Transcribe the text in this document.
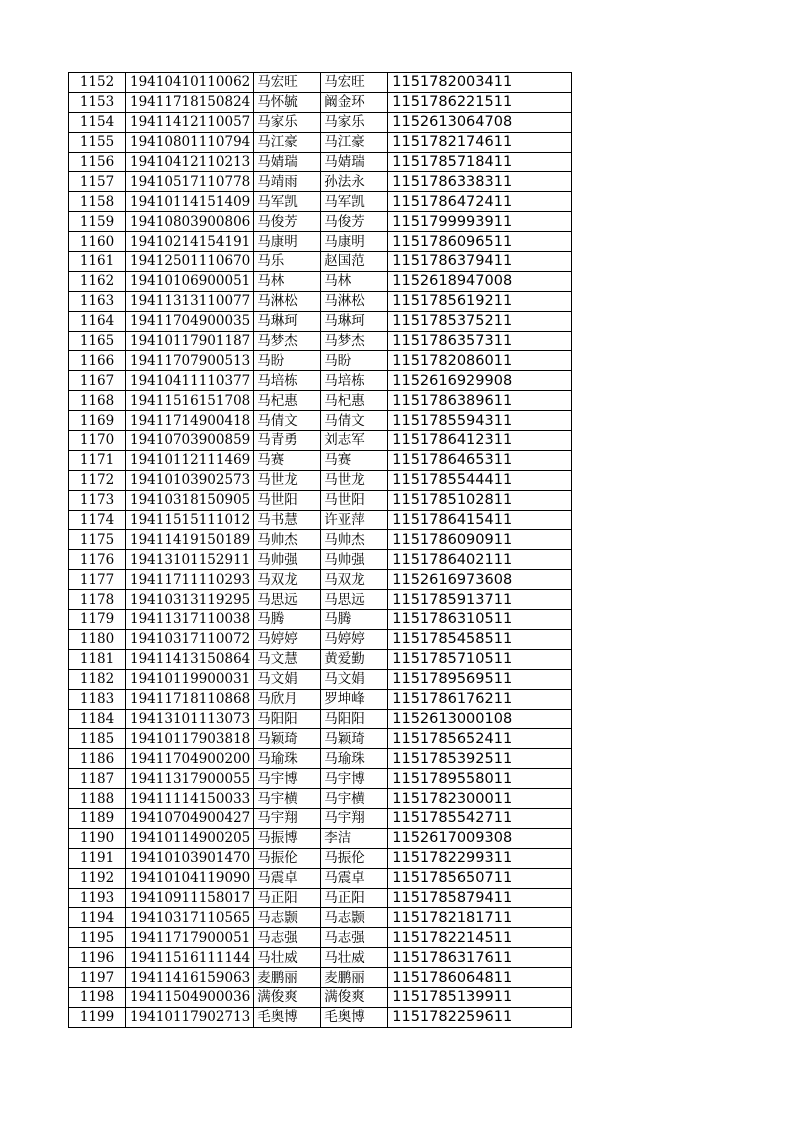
1152	19410410110062	马宏旺	马宏旺	1151782003411
1153	19411718150824	马怀毓	阚金环	1151786221511
1154	19411412110057	马家乐	马家乐	1152613064708
1155	19410801110794	马江豪	马江豪	1151782174611
1156	19410412110213	马婧瑞	马婧瑞	1151785718411
1157	19410517110778	马靖雨	孙法永	1151786338311
1158	19410114151409	马军凯	马军凯	1151786472411
1159	19410803900806	马俊芳	马俊芳	1151799993911
1160	19410214154191	马康明	马康明	1151786096511
1161	19412501110670	马乐	赵国范	1151786379411
1162	19410106900051	马林	马林	1152618947008
1163	19411313110077	马淋松	马淋松	1151785619211
1164	19411704900035	马琳珂	马琳珂	1151785375211
1165	19410117901187	马梦杰	马梦杰	1151786357311
1166	19411707900513	马盼	马盼	1151782086011
1167	19410411110377	马培栋	马培栋	1152616929908
1168	19411516151708	马杞惠	马杞惠	1151786389611
1169	19411714900418	马倩文	马倩文	1151785594311
1170	19410703900859	马青勇	刘志军	1151786412311
1171	19410112111469	马赛	马赛	1151786465311
1172	19410103902573	马世龙	马世龙	1151785544411
1173	19410318150905	马世阳	马世阳	1151785102811
1174	19411515111012	马书慧	许亚萍	1151786415411
1175	19411419150189	马帅杰	马帅杰	1151786090911
1176	19413101152911	马帅强	马帅强	1151786402111
1177	19411711110293	马双龙	马双龙	1152616973608
1178	19410313119295	马思远	马思远	1151785913711
1179	19411317110038	马腾	马腾	1151786310511
1180	19410317110072	马婷婷	马婷婷	1151785458511
1181	19411413150864	马文慧	黄爱勤	1151785710511
1182	19410119900031	马文娟	马文娟	1151789569511
1183	19411718110868	马欣月	罗坤峰	1151786176211
1184	19413101113073	马阳阳	马阳阳	1152613000108
1185	19410117903818	马颖琦	马颖琦	1151785652411
1186	19411704900200	马瑜珠	马瑜珠	1151785392511
1187	19411317900055	马宇博	马宇博	1151789558011
1188	19411114150033	马宇横	马宇横	1151782300011
1189	19410704900427	马宇翔	马宇翔	1151785542711
1190	19410114900205	马振博	李洁	1152617009308
1191	19410103901470	马振伦	马振伦	1151782299311
1192	19410104119090	马震卓	马震卓	1151785650711
1193	19410911158017	马正阳	马正阳	1151785879411
1194	19410317110565	马志颢	马志颢	1151782181711
1195	19411717900051	马志强	马志强	1151782214511
1196	19411516111144	马壮威	马壮威	1151786317611
1197	19411416159063	麦鹏丽	麦鹏丽	1151786064811
1198	19411504900036	满俊爽	满俊爽	1151785139911
1199	19410117902713	毛奥博	毛奥博	1151782259611
